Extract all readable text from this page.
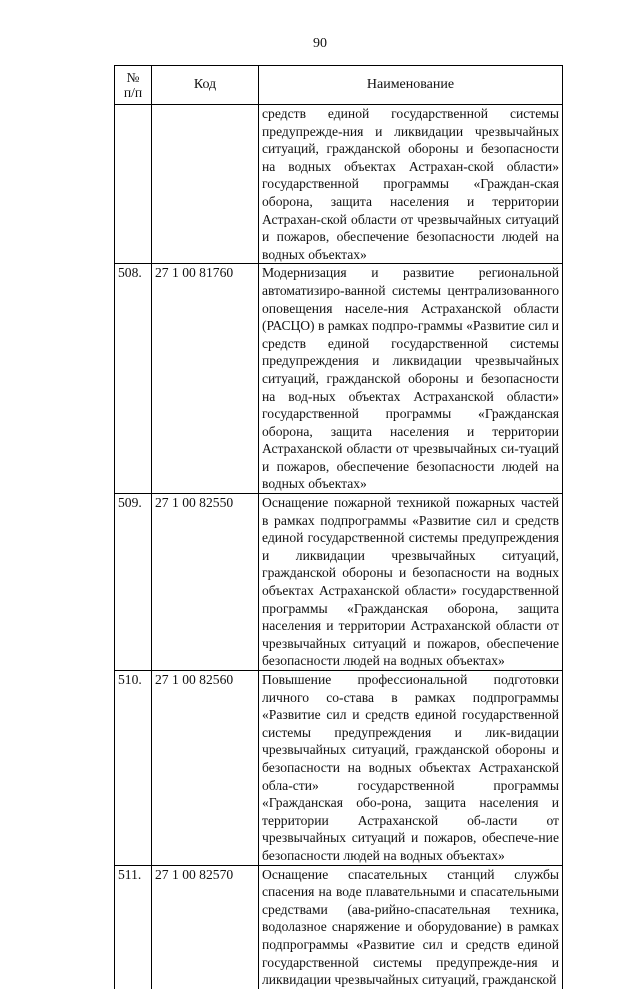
90
№
п/п	Код	Наименование
		средств единой государственной системы предупрежде-ния и ликвидации чрезвычайных ситуаций, гражданской обороны и безопасности на водных объектах Астрахан-ской области» государственной программы «Граждан-ская оборона, защита населения и территории Астрахан-ской области от чрезвычайных ситуаций и пожаров, обеспечение безопасности людей на водных объектах»
508.	27 1 00 81760	Модернизация и развитие региональной автоматизиро-ванной системы централизованного оповещения населе-ния Астраханской области (РАСЦО) в рамках подпро-граммы «Развитие сил и средств единой государственной системы предупреждения и ликвидации чрезвычайных ситуаций, гражданской обороны и безопасности на вод-ных объектах Астраханской области» государственной программы «Гражданская оборона, защита населения и территории Астраханской области от чрезвычайных си-туаций и пожаров, обеспечение безопасности людей на водных объектах»
509.	27 1 00 82550	Оснащение пожарной техникой пожарных частей в рамках подпрограммы «Развитие сил и средств единой государственной системы предупреждения и ликвидации чрезвычайных ситуаций, гражданской обороны и безопасности на водных объектах Астраханской области» государственной программы «Гражданская оборона, защита населения и территории Астраханской области от чрезвычайных ситуаций и пожаров, обеспечение безопасности людей на водных объектах»
510.	27 1 00 82560	Повышение профессиональной подготовки личного со-става в рамках подпрограммы «Развитие сил и средств единой государственной системы предупреждения и лик-видации чрезвычайных ситуаций, гражданской обороны и безопасности на водных объектах Астраханской обла-сти» государственной программы «Гражданская обо-рона, защита населения и территории Астраханской об-ласти от чрезвычайных ситуаций и пожаров, обеспече-ние безопасности людей на водных объектах»
511.	27 1 00 82570	Оснащение спасательных станций службы спасения на воде плавательными и спасательными средствами (ава-рийно-спасательная техника, водолазное снаряжение и оборудование) в рамках подпрограммы «Развитие сил и средств единой государственной системы предупрежде-ния и ликвидации чрезвычайных ситуаций, гражданской
